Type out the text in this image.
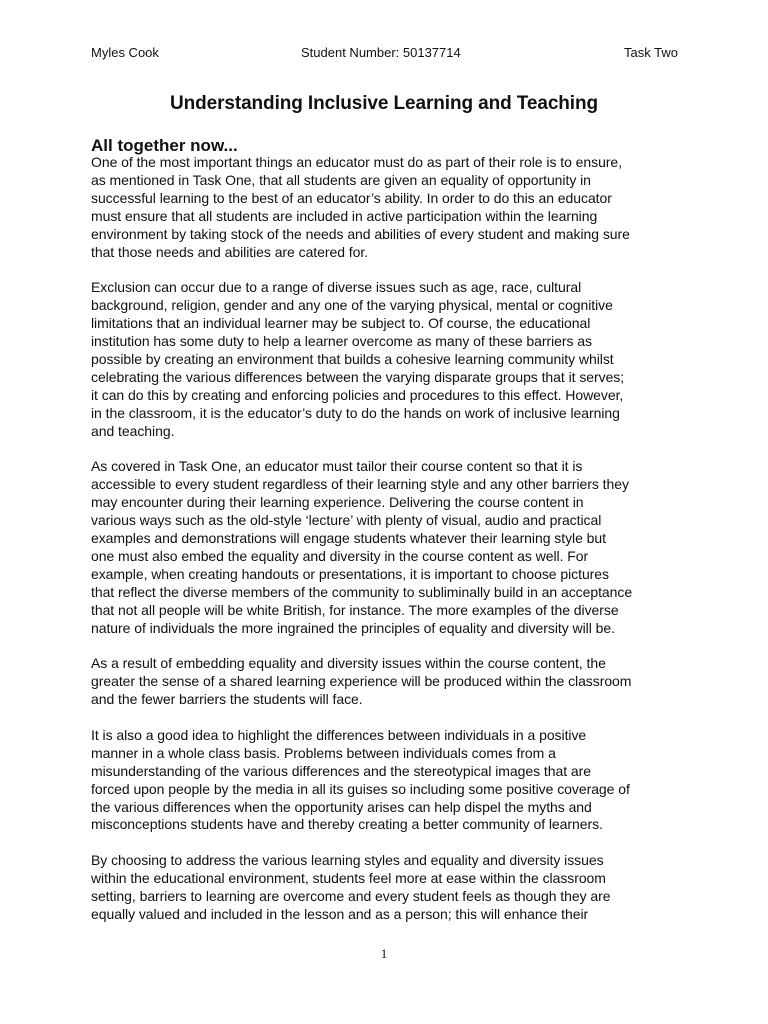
Myles Cook	Student Number: 50137714	Task Two
Understanding Inclusive Learning and Teaching
All together now...

One of the most important things an educator must do as part of their role is to ensure,
as mentioned in Task One, that all students are given an equality of opportunity in
successful learning to the best of an educator’s ability. In order to do this an educator
must ensure that all students are included in active participation within the learning
environment by taking stock of the needs and abilities of every student and making sure
that those needs and abilities are catered for.

Exclusion can occur due to a range of diverse issues such as age, race, cultural
background, religion, gender and any one of the varying physical, mental or cognitive
limitations that an individual learner may be subject to. Of course, the educational
institution has some duty to help a learner overcome as many of these barriers as
possible by creating an environment that builds a cohesive learning community whilst
celebrating the various differences between the varying disparate groups that it serves;
it can do this by creating and enforcing policies and procedures to this effect. However,
in the classroom, it is the educator’s duty to do the hands on work of inclusive learning
and teaching.

As covered in Task One, an educator must tailor their course content so that it is
accessible to every student regardless of their learning style and any other barriers they
may encounter during their learning experience. Delivering the course content in
various ways such as the old-style ‘lecture’ with plenty of visual, audio and practical
examples and demonstrations will engage students whatever their learning style but
one must also embed the equality and diversity in the course content as well. For
example, when creating handouts or presentations, it is important to choose pictures
that reflect the diverse members of the community to subliminally build in an acceptance
that not all people will be white British, for instance. The more examples of the diverse
nature of individuals the more ingrained the principles of equality and diversity will be.

As a result of embedding equality and diversity issues within the course content, the
greater the sense of a shared learning experience will be produced within the classroom
and the fewer barriers the students will face.

It is also a good idea to highlight the differences between individuals in a positive
manner in a whole class basis. Problems between individuals comes from a
misunderstanding of the various differences and the stereotypical images that are
forced upon people by the media in all its guises so including some positive coverage of
the various differences when the opportunity arises can help dispel the myths and
misconceptions students have and thereby creating a better community of learners.

By choosing to address the various learning styles and equality and diversity issues
within the educational environment, students feel more at ease within the classroom
setting, barriers to learning are overcome and every student feels as though they are
equally valued and included in the lesson and as a person; this will enhance their

1
